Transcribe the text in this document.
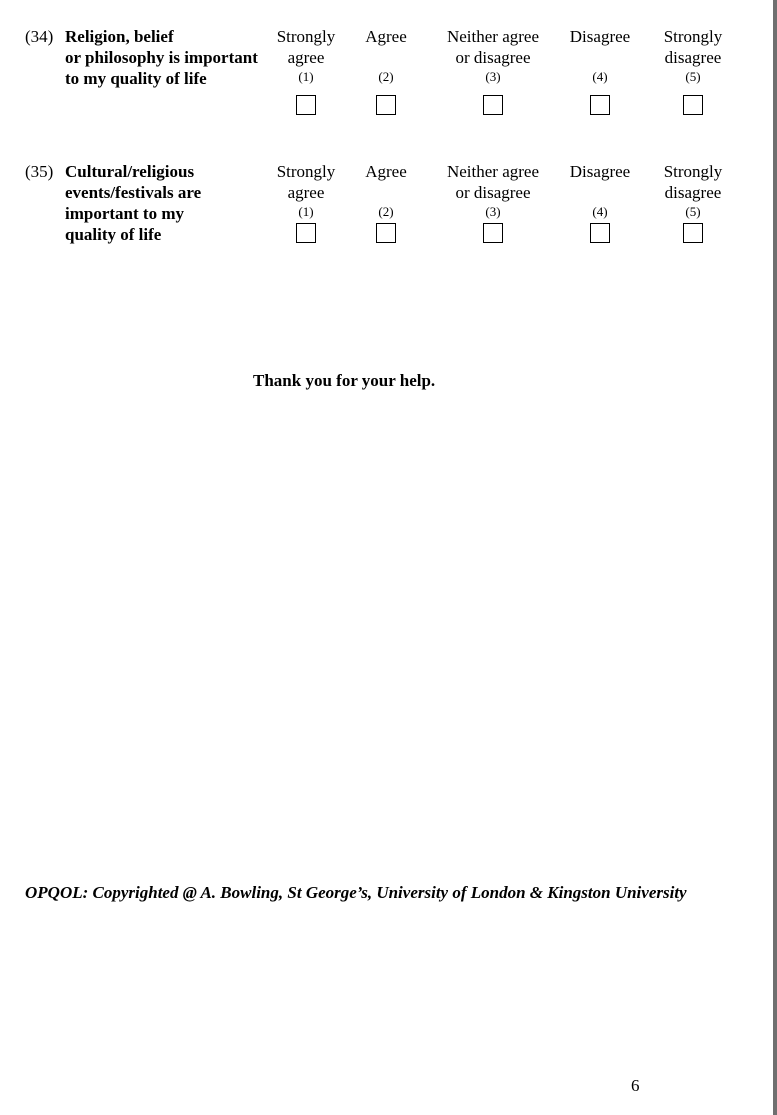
(34) Religion, belief
or philosophy is important
to my quality of life
Strongly
agree
(1)
Agree
(2)
Neither agree
or disagree
(3)
Disagree
(4)
Strongly
disagree
(5)
(35) Cultural/religious
events/festivals are
important to my
quality of life
Strongly
agree
(1)
Agree
(2)
Neither agree
or disagree
(3)
Disagree
(4)
Strongly
disagree
(5)
Thank you for your help.
OPQOL: Copyrighted @ A. Bowling, St George’s, University of London & Kingston University
6
